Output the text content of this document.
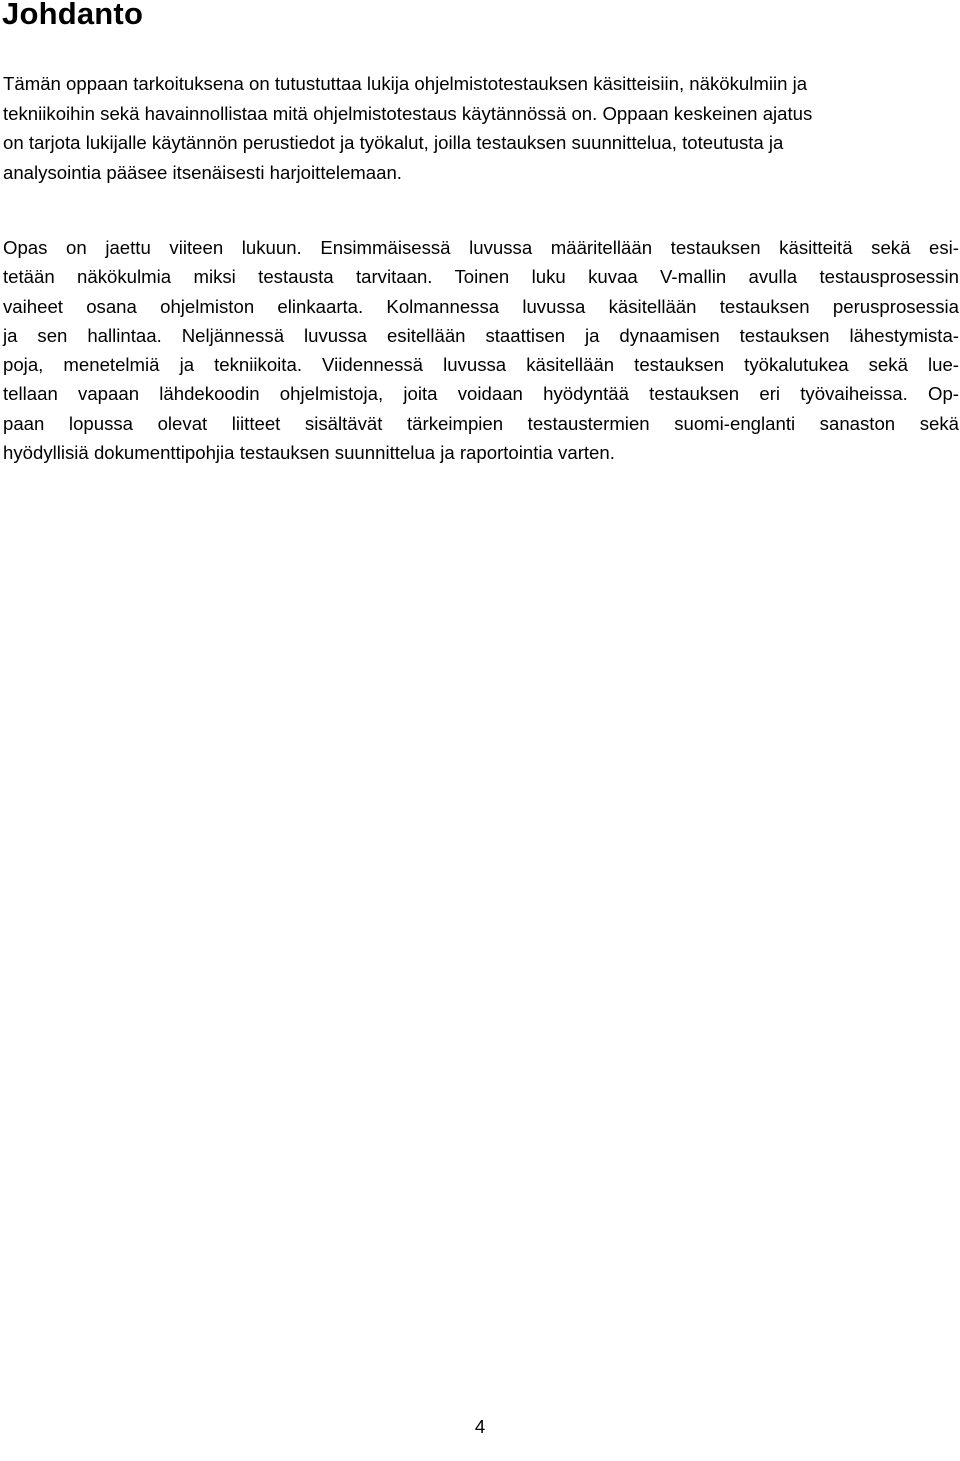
Johdanto

Tämän oppaan tarkoituksena on tutustuttaa lukija ohjelmistotestauksen käsitteisiin, näkökulmiin ja
tekniikoihin sekä havainnollistaa mitä ohjelmistotestaus käytännössä on. Oppaan keskeinen ajatus
on tarjota lukijalle käytännön perustiedot ja työkalut, joilla testauksen suunnittelua, toteutusta ja
analysointia pääsee itsenäisesti harjoittelemaan.

Opas on jaettu viiteen lukuun. Ensimmäisessä luvussa määritellään testauksen käsitteitä sekä esi-
tetään näkökulmia miksi testausta tarvitaan. Toinen luku kuvaa V-mallin avulla testausprosessin
vaiheet osana ohjelmiston elinkaarta. Kolmannessa luvussa käsitellään testauksen perusprosessia
ja sen hallintaa. Neljännessä luvussa esitellään staattisen ja dynaamisen testauksen lähestymista-
poja, menetelmiä ja tekniikoita. Viidennessä luvussa käsitellään testauksen työkalutukea sekä lue-
tellaan vapaan lähdekoodin ohjelmistoja, joita voidaan hyödyntää testauksen eri työvaiheissa. Op-
paan lopussa olevat liitteet sisältävät tärkeimpien testaustermien suomi-englanti sanaston sekä
hyödyllisiä dokumenttipohjia testauksen suunnittelua ja raportointia varten.

4
